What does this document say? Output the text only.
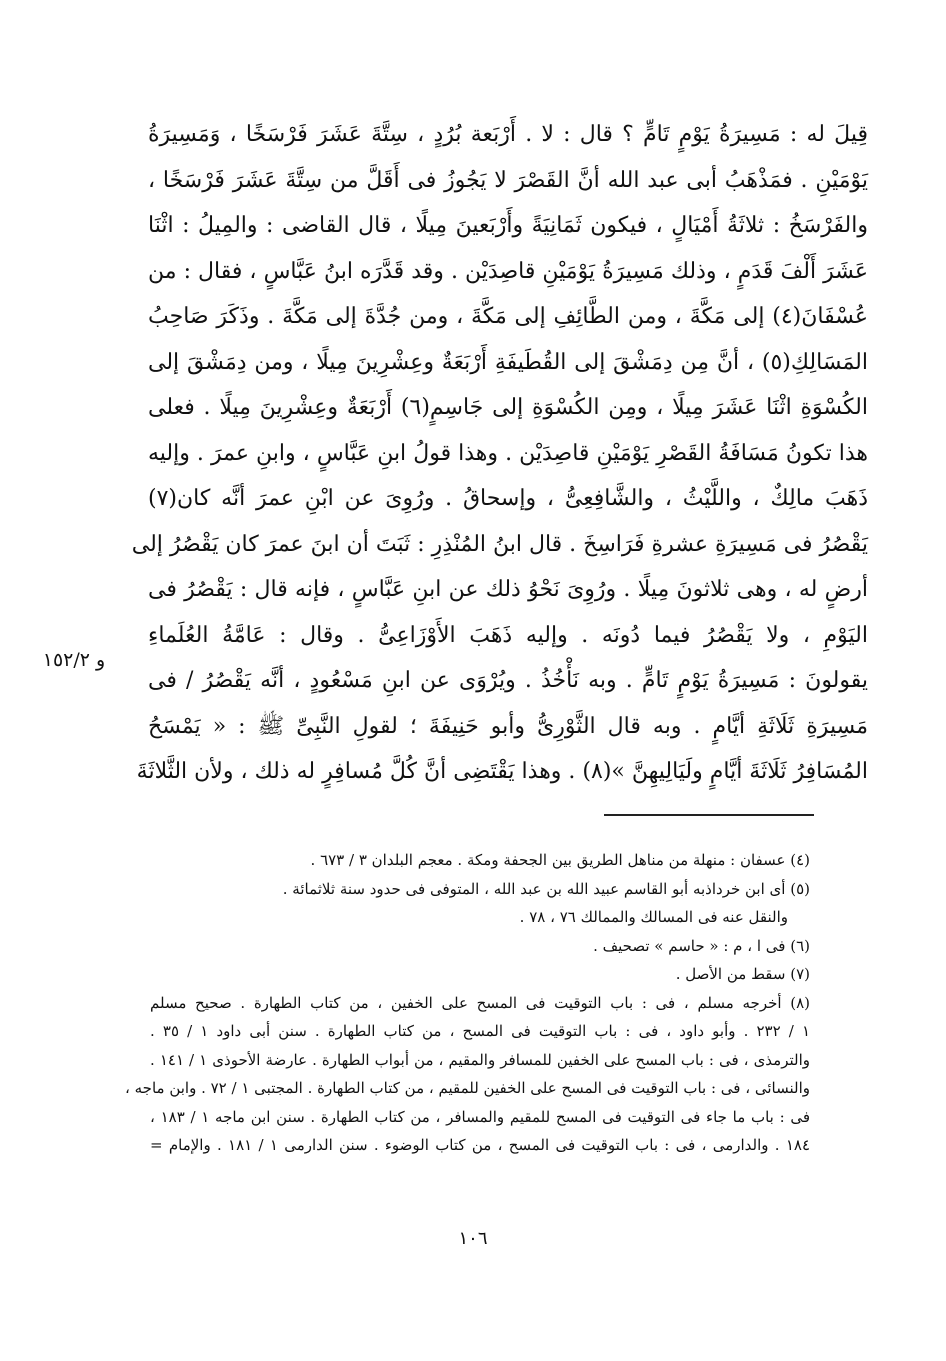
قِيلَ له : مَسِيرَةُ يَوْمٍ تَامٍّ ؟ قال : لا . أَرْبَعة بُرُدٍ ، سِتَّةَ عَشَرَ فَرْسَخًا ، وَمَسِيرَةُ
يَوْمَيْنِ . فمَذْهَبُ أبى عبد الله أنَّ القَصْرَ لا يَجُوزُ فى أَقَلَّ من سِتَّةَ عَشَرَ فَرْسَخًا ،
والفَرْسَخُ : ثلاثَةُ أَمْيَالٍ ، فيكون ثَمَانِيَةً وأَرْبَعينَ مِيلًا ، قال القاضى : والمِيلُ : اثْنَا
عَشَرَ أَلْفَ قَدَمٍ ، وذلك مَسِيرَةُ يَوْمَيْنِ قاصِدَيْن . وقد قَدَّرَه ابنُ عَبَّاسٍ ، فقال : من
عُسْفَانَ(٤) إلى مَكَّةَ ، ومن الطَّائِفِ إلى مَكَّةَ ، ومن جُدَّةَ إلى مَكَّةَ . وذَكَرَ صَاحِبُ
المَسَالِكِ(٥) ، أنَّ مِن دِمَشْقَ إلى القُطَيفَةِ أَرْبَعَةٌ وعِشْرِينَ مِيلًا ، ومن دِمَشْقَ إلى
الكُسْوَةِ اثْنَا عَشَرَ مِيلًا ، ومِن الكُسْوَةِ إلى جَاسِمٍ(٦) أَرْبَعَةٌ وعِشْرِينَ مِيلًا . فعلى
هذا تكونُ مَسَافَةُ القَصْرِ يَوْمَيْنِ قاصِدَيْن . وهذا قولُ ابنِ عَبَّاسٍ ، وابنِ عمرَ . وإليه
ذَهَبَ مالِكٌ ، واللَّيْثُ ، والشَّافِعِىُّ ، وإسحاقُ . ورُوِىَ عن ابْنِ عمرَ أنَّه كان(٧)
يَقْصُرُ فى مَسِيرَةِ عشرةِ فَرَاسِخَ . قال ابنُ المُنْذِرِ : ثَبَتَ أن ابنَ عمرَ كان يَقْصُرُ إلى
أرضٍ له ، وهى ثلاثونَ مِيلًا . ورُوِىَ نَحْوُ ذلك عن ابنِ عَبَّاسٍ ، فإنه قال : يَقْصُرُ فى
اليَوْمِ ، ولا يَقْصُرُ فيما دُونَه . وإليه ذَهَبَ الأَوْزَاعِىُّ . وقال : عَامَّةُ العُلَماءِ
يقولونَ : مَسِيرَةُ يَوْمٍ تَامٍّ . وبه نَأْخُذُ . ويُرْوَى عن ابنِ مَسْعُودٍ ، أنَّه يَقْصُرُ / فى
مَسِيرَةِ ثَلَاثَةِ أيَّامٍ . وبه قال الثَّوْرِىُّ وأبو حَنِيفَةَ ؛ لقولِ النَّبِىِّ ﷺ : « يَمْسَحُ
المُسَافِرُ ثَلَاثَةَ أيَّامٍ ولَيَالِيهِنَّ »(٨) . وهذا يَقْتَضِى أنَّ كُلَّ مُسافِرٍ له ذلك ، ولأن الثَّلاثَةَ
و ١٥٢/٢
(٤) عسفان : منهلة من مناهل الطريق بين الجحفة ومكة . معجم البلدان ٣ / ٦٧٣ .
(٥) أى ابن خرداذبه أبو القاسم عبيد الله بن عبد الله ، المتوفى فى حدود سنة ثلاثمائة .
والنقل عنه فى المسالك والممالك ٧٦ ، ٧٨ .
(٦) فى ا ، م : « حاسم » تصحيف .
(٧) سقط من الأصل .
(٨) أخرجه مسلم ، فى : باب التوقيت فى المسح على الخفين ، من كتاب الطهارة . صحيح مسلم
١ / ٢٣٢ . وأبو داود ، فى : باب التوقيت فى المسح ، من كتاب الطهارة . سنن أبى داود ١ / ٣٥ .
والترمذى ، فى : باب المسح على الخفين للمسافر والمقيم ، من أبواب الطهارة . عارضة الأحوذى ١ / ١٤١ .
والنسائى ، فى : باب التوقيت فى المسح على الخفين للمقيم ، من كتاب الطهارة . المجتبى ١ / ٧٢ . وابن ماجه ،
فى : باب ما جاء فى التوقيت فى المسح للمقيم والمسافر ، من كتاب الطهارة . سنن ابن ماجه ١ / ١٨٣ ،
١٨٤ . والدارمى ، فى : باب التوقيت فى المسح ، من كتاب الوضوء . سنن الدارمى ١ / ١٨١ . والإمام =
١٠٦
